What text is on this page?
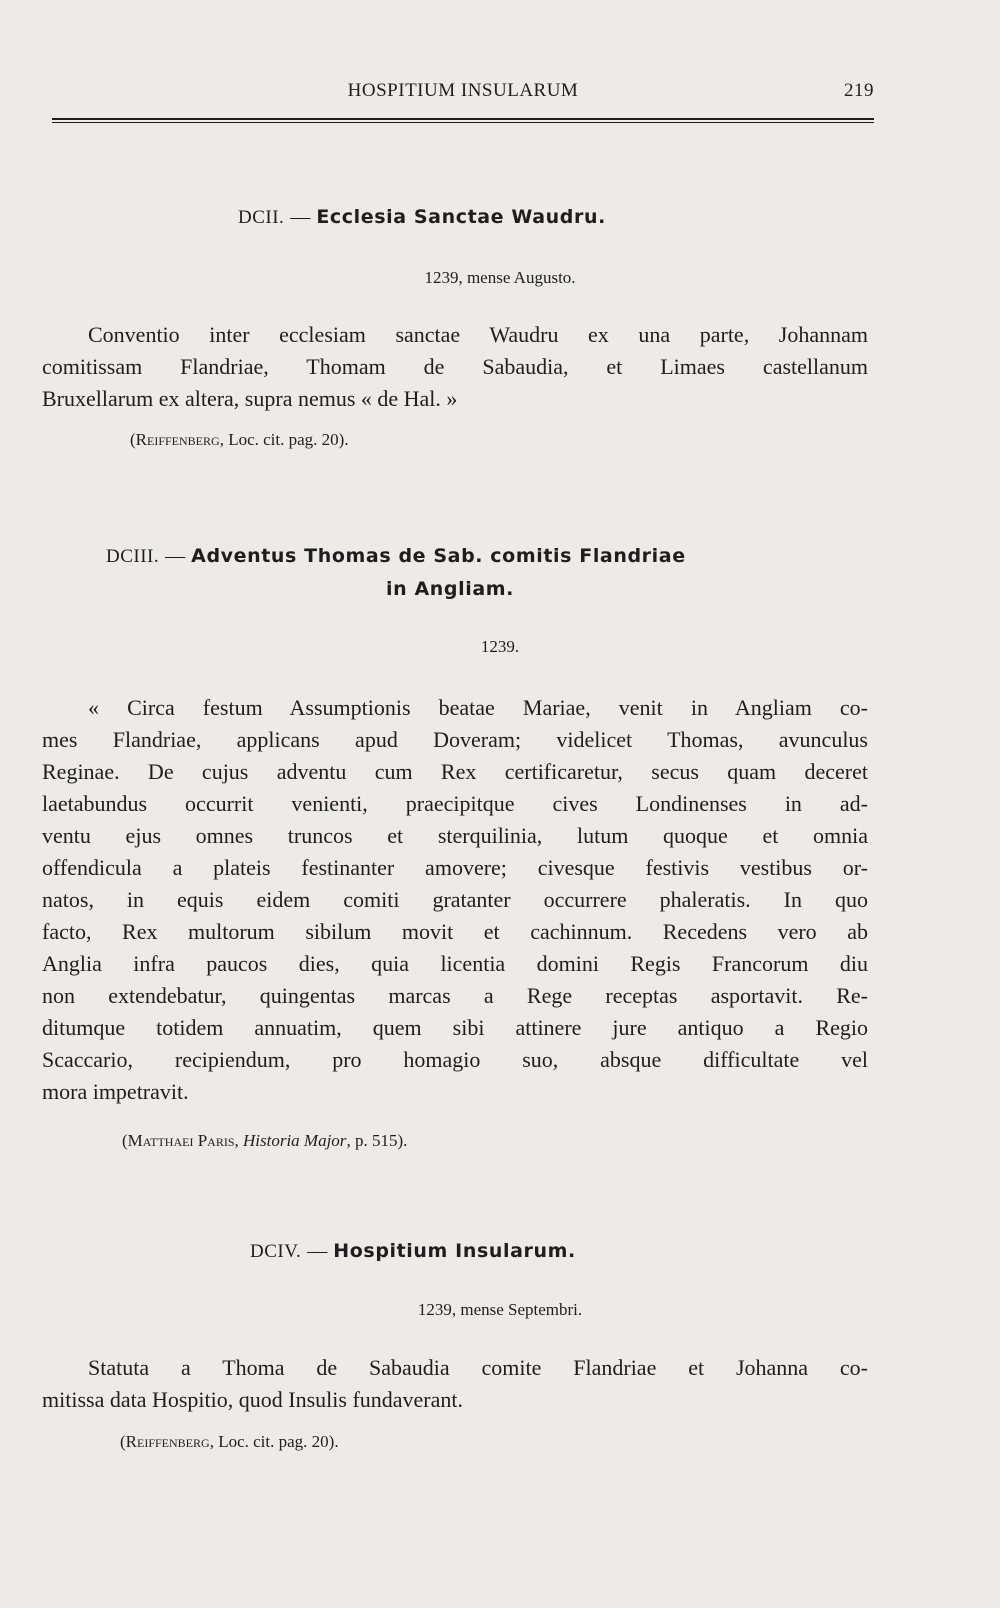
HOSPITIUM INSULARUM	219
DCII. — Ecclesia Sanctae Waudru.
1239, mense Augusto.
Conventio inter ecclesiam sanctae Waudru ex una parte, Johannam
comitissam Flandriae, Thomam de Sabaudia, et Limaes castellanum
Bruxellarum ex altera, supra nemus « de Hal. »
(Reiffenberg, Loc. cit. pag. 20).
DCIII. — Adventus Thomas de Sab. comitis Flandriae
in Angliam.
1239.
« Circa festum Assumptionis beatae Mariae, venit in Angliam co-
mes Flandriae, applicans apud Doveram; videlicet Thomas, avunculus
Reginae. De cujus adventu cum Rex certificaretur, secus quam deceret
laetabundus occurrit venienti, praecipitque cives Londinenses in ad-
ventu ejus omnes truncos et sterquilinia, lutum quoque et omnia
offendicula a plateis festinanter amovere; civesque festivis vestibus or-
natos, in equis eidem comiti gratanter occurrere phaleratis. In quo
facto, Rex multorum sibilum movit et cachinnum. Recedens vero ab
Anglia infra paucos dies, quia licentia domini Regis Francorum diu
non extendebatur, quingentas marcas a Rege receptas asportavit. Re-
ditumque totidem annuatim, quem sibi attinere jure antiquo a Regio
Scaccario, recipiendum, pro homagio suo, absque difficultate vel
mora impetravit.
(Matthaei Paris, Historia Major, p. 515).
DCIV. — Hospitium Insularum.
1239, mense Septembri.
Statuta a Thoma de Sabaudia comite Flandriae et Johanna co-
mitissa data Hospitio, quod Insulis fundaverant.
(Reiffenberg, Loc. cit. pag. 20).
